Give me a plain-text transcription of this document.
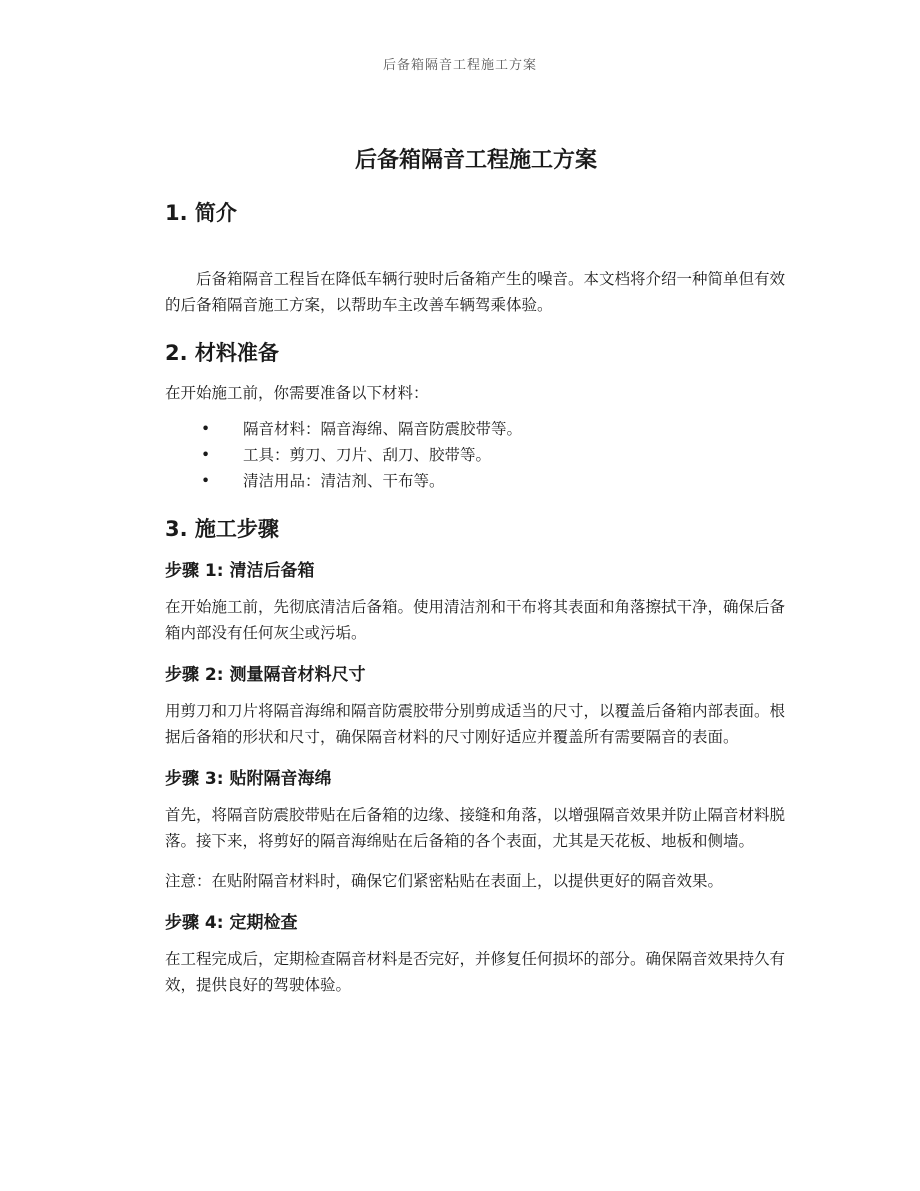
后备箱隔音工程施工方案
后备箱隔音工程施工方案
1. 简介

后备箱隔音工程旨在降低车辆行驶时后备箱产生的噪音。本文档将介绍一种简单但有效的后备箱隔音施工方案，以帮助车主改善车辆驾乘体验。

2. 材料准备

在开始施工前，你需要准备以下材料：

• 隔音材料：隔音海绵、隔音防震胶带等。
• 工具：剪刀、刀片、刮刀、胶带等。
• 清洁用品：清洁剂、干布等。
3. 施工步骤
步骤 1: 清洁后备箱

在开始施工前，先彻底清洁后备箱。使用清洁剂和干布将其表面和角落擦拭干净，确保后备箱内部没有任何灰尘或污垢。

步骤 2: 测量隔音材料尺寸

用剪刀和刀片将隔音海绵和隔音防震胶带分别剪成适当的尺寸，以覆盖后备箱内部表面。根据后备箱的形状和尺寸，确保隔音材料的尺寸刚好适应并覆盖所有需要隔音的表面。

步骤 3: 贴附隔音海绵

首先，将隔音防震胶带贴在后备箱的边缘、接缝和角落，以增强隔音效果并防止隔音材料脱落。接下来，将剪好的隔音海绵贴在后备箱的各个表面，尤其是天花板、地板和侧墙。

注意：在贴附隔音材料时，确保它们紧密粘贴在表面上，以提供更好的隔音效果。

步骤 4: 定期检查

在工程完成后，定期检查隔音材料是否完好，并修复任何损坏的部分。确保隔音效果持久有效，提供良好的驾驶体验。
